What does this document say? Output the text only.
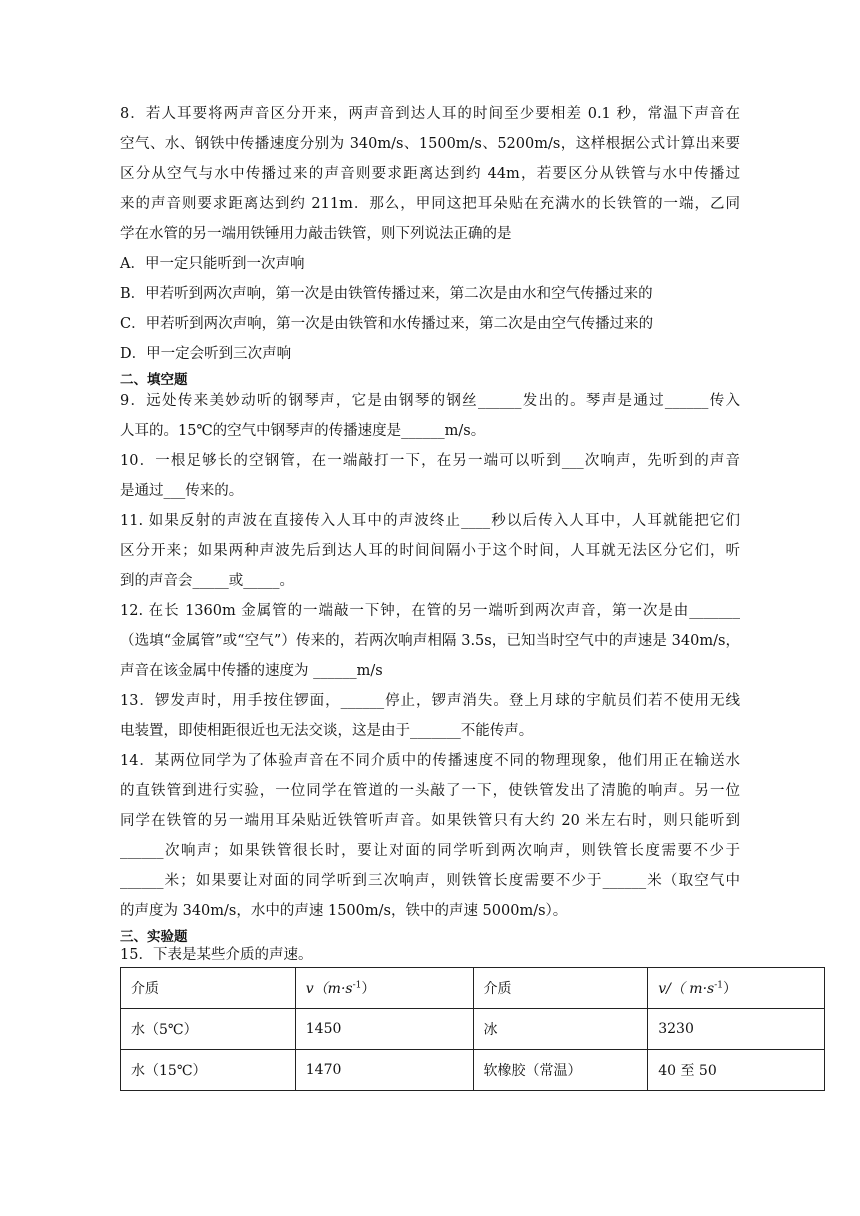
8．若人耳要将两声音区分开来，两声音到达人耳的时间至少要相差 0.1 秒，常温下声音在
空气、水、钢铁中传播速度分别为 340m/s、1500m/s、5200m/s，这样根据公式计算出来要
区分从空气与水中传播过来的声音则要求距离达到约 44m，若要区分从铁管与水中传播过
来的声音则要求距离达到约 211m．那么，甲同这把耳朵贴在充满水的长铁管的一端，乙同
学在水管的另一端用铁锤用力敲击铁管，则下列说法正确的是
A．甲一定只能听到一次声响
B．甲若听到两次声响，第一次是由铁管传播过来，第二次是由水和空气传播过来的
C．甲若听到两次声响，第一次是由铁管和水传播过来，第二次是由空气传播过来的
D．甲一定会听到三次声响
二、填空题
9．远处传来美妙动听的钢琴声，它是由钢琴的钢丝______发出的。琴声是通过______传入
人耳的。15℃的空气中钢琴声的传播速度是______m/s。
10．一根足够长的空钢管，在一端敲打一下，在另一端可以听到___次响声，先听到的声音
是通过___传来的。
11. 如果反射的声波在直接传入人耳中的声波终止____秒以后传入人耳中，人耳就能把它们
区分开来；如果两种声波先后到达人耳的时间间隔小于这个时间，人耳就无法区分它们，听
到的声音会_____或_____。
12. 在长 1360m 金属管的一端敲一下钟，在管的另一端听到两次声音，第一次是由_______
（选填“金属管”或“空气”）传来的，若两次响声相隔 3.5s，已知当时空气中的声速是 340m/s，
声音在该金属中传播的速度为 ______m/s
13．锣发声时，用手按住锣面，______停止，锣声消失。登上月球的宇航员们若不使用无线
电装置，即使相距很近也无法交谈，这是由于_______不能传声。
14．某两位同学为了体验声音在不同介质中的传播速度不同的物理现象，他们用正在输送水
的直铁管到进行实验，一位同学在管道的一头敲了一下，使铁管发出了清脆的响声。另一位
同学在铁管的另一端用耳朵贴近铁管听声音。如果铁管只有大约 20 米左右时，则只能听到
______次响声；如果铁管很长时，要让对面的同学听到两次响声，则铁管长度需要不少于
______米；如果要让对面的同学听到三次响声，则铁管长度需要不少于______米（取空气中
的声度为 340m/s，水中的声速 1500m/s，铁中的声速 5000m/s）。
三、实验题
15．下表是某些介质的声速。
介质	$v(m\cdot s^{-1})$	介质	v/（ $m\cdot s^{-1}$）
水（5℃）	1450	冰	3230
水（15℃）	1470	软橡胶（常温）	40 至 50
